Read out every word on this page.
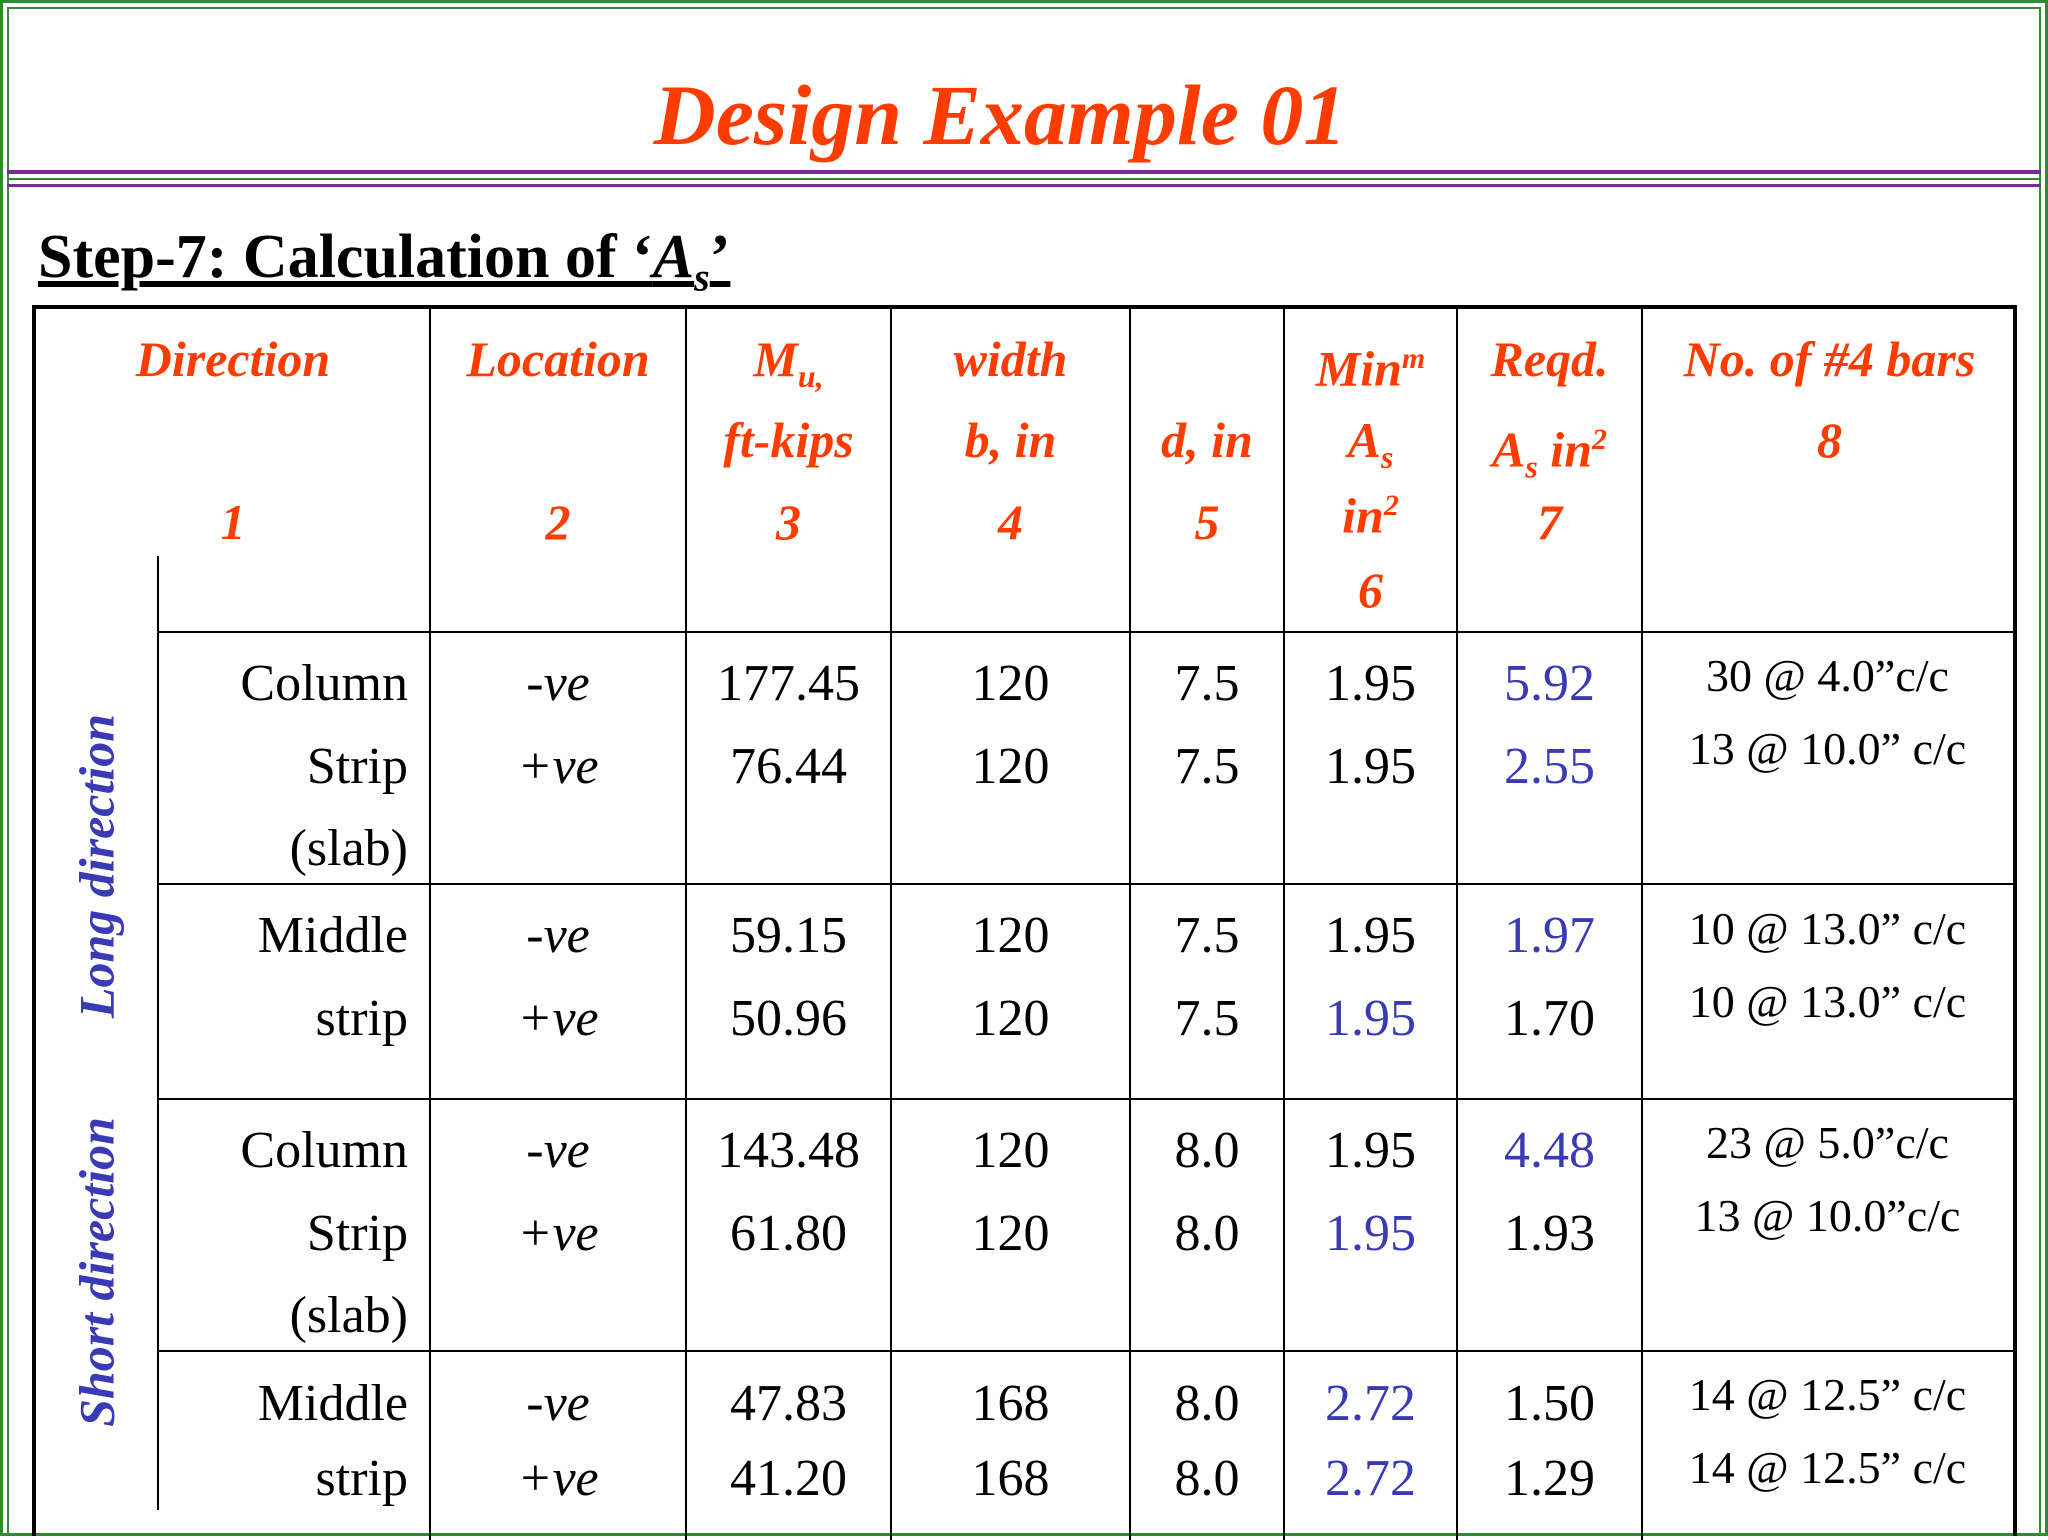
Design Example 01
Step-7: Calculation of ‘$A_s$’
Direction
1
Location
2
$M_{u,}$
ft-kips
3
width
b, in
4
d, in
5
Min$^m$
$A_s$
$in^2$
6
Reqd.
$A_s$ $in^2$
7
No. of #4 bars
8
Long direction
Short direction
Column
Strip
(slab)
-ve
+ve
177.45
76.44
120
120
7.5
7.5
1.95
1.95
5.92
2.55
30 @ 4.0”c/c
13 @ 10.0” c/c
Middle
strip
-ve
+ve
59.15
50.96
120
120
7.5
7.5
1.95
1.95
1.97
1.70
10 @ 13.0” c/c
10 @ 13.0” c/c
Column
Strip
(slab)
-ve
+ve
143.48
61.80
120
120
8.0
8.0
1.95
1.95
4.48
1.93
23 @ 5.0”c/c
13 @ 10.0”c/c
Middle
strip
-ve
+ve
47.83
41.20
168
168
8.0
8.0
2.72
2.72
1.50
1.29
14 @ 12.5” c/c
14 @ 12.5” c/c
